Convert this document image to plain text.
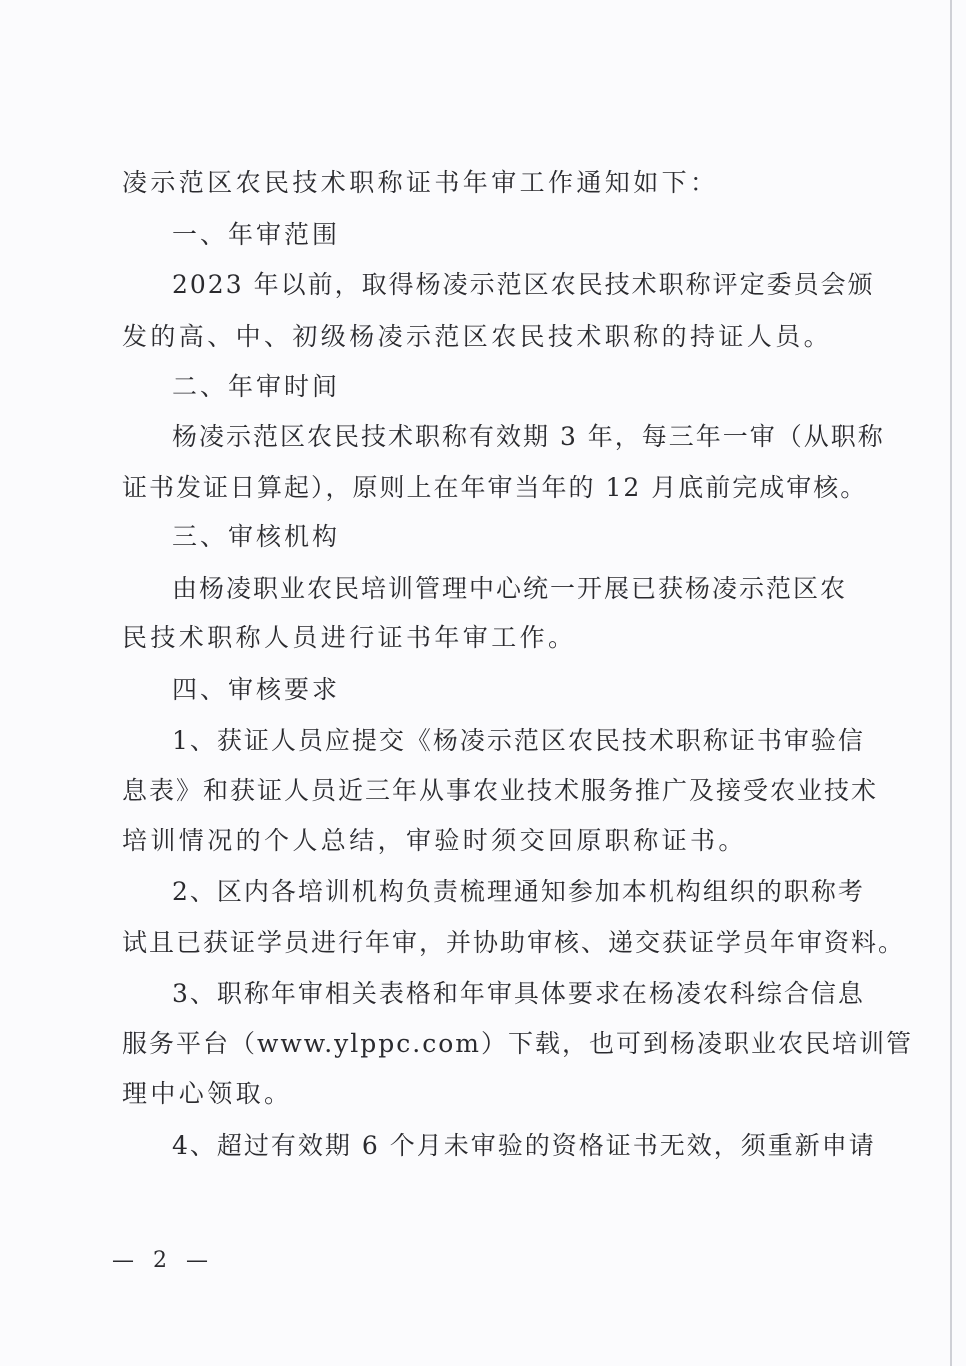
凌示范区农民技术职称证书年审工作通知如下：
一、年审范围
2023 年以前，取得杨凌示范区农民技术职称评定委员会颁
发的高、中、初级杨凌示范区农民技术职称的持证人员。
二、年审时间
杨凌示范区农民技术职称有效期 3 年，每三年一审（从职称
证书发证日算起），原则上在年审当年的 12 月底前完成审核。
三、审核机构
由杨凌职业农民培训管理中心统一开展已获杨凌示范区农
民技术职称人员进行证书年审工作。
四、审核要求
1、获证人员应提交《杨凌示范区农民技术职称证书审验信
息表》和获证人员近三年从事农业技术服务推广及接受农业技术
培训情况的个人总结，审验时须交回原职称证书。
2、区内各培训机构负责梳理通知参加本机构组织的职称考
试且已获证学员进行年审，并协助审核、递交获证学员年审资料。
3、职称年审相关表格和年审具体要求在杨凌农科综合信息
服务平台（www.ylppc.com）下载，也可到杨凌职业农民培训管
理中心领取。
4、超过有效期 6 个月未审验的资格证书无效，须重新申请
— 2 —
